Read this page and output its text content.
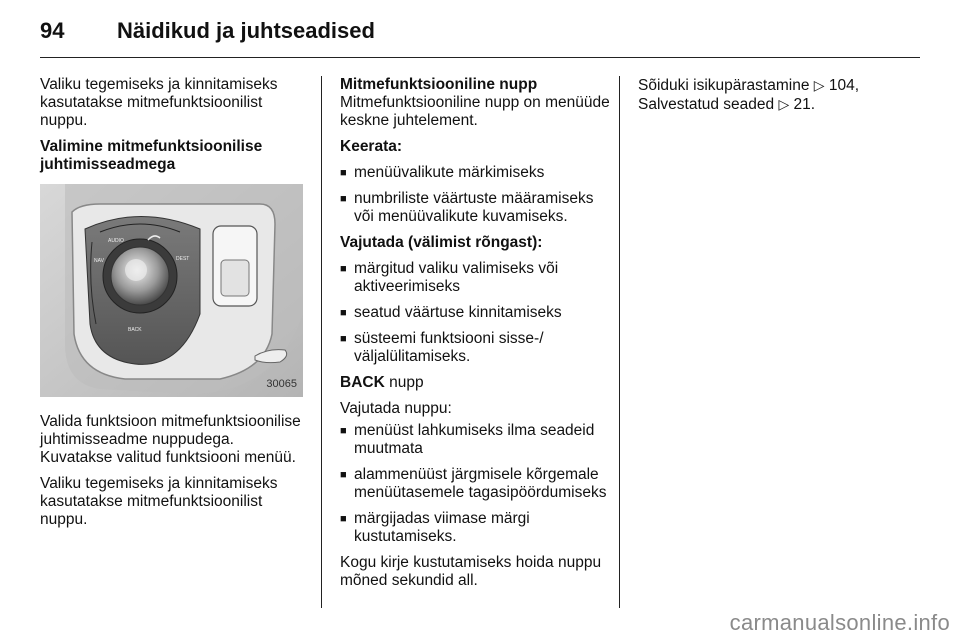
94 Näidikud ja juhtseadised

Valiku tegemiseks ja kinnitamiseks kasutatakse mitmefunktsioonilist nuppu.

Valimine mitmefunktsioonilise juhtimisseadmega

AUDIO
NAV	DEST
BACK
30065

Valida funktsioon mitmefunktsioonilise juhtimisseadme nuppudega. Kuvatakse valitud funktsiooni menüü.

Valiku tegemiseks ja kinnitamiseks kasutatakse mitmefunktsioonilist nuppu.

Mitmefunktsiooniline nupp

Mitmefunktsiooniline nupp on menüüde keskne juhtelement.

Keerata:

■ menüüvalikute märkimiseks
■ numbriliste väärtuste määramiseks või menüüvalikute kuvamiseks.

Vajutada (välimist rõngast):

■ märgitud valiku valimiseks või aktiveerimiseks
■ seatud väärtuse kinnitamiseks
■ süsteemi funktsiooni sisse-/ väljalülitamiseks.

BACK nupp

Vajutada nuppu:

■ menüüst lahkumiseks ilma seadeid muutmata
■ alammenüüst järgmisele kõrgemale menüütasemele tagasipöördumiseks
■ märgijadas viimase märgi kustutamiseks.

Kogu kirje kustutamiseks hoida nuppu mõned sekundid all.

Sõiduki isikupärastamine ▷ 104,
Salvestatud seaded ▷ 21.
carmanualsonline.info
